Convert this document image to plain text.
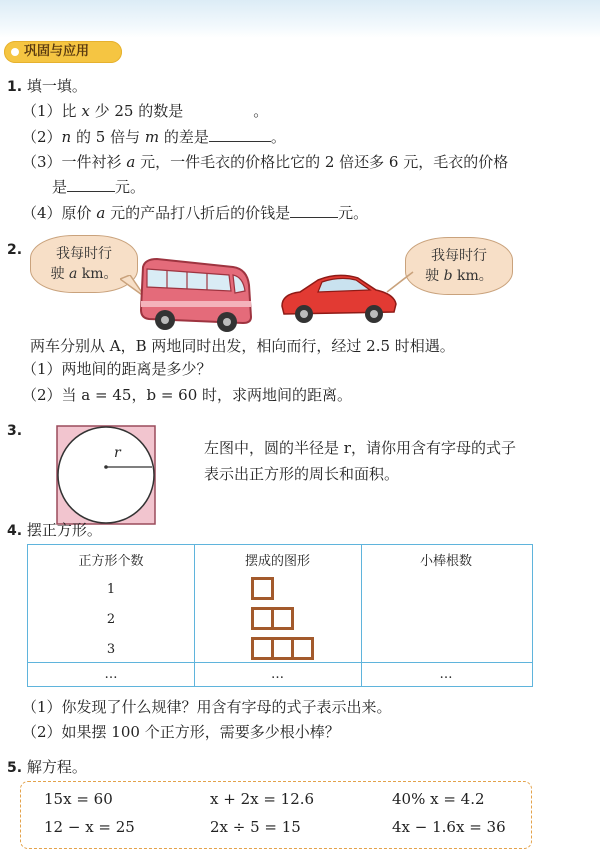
巩固与应用
1. 填一填。
（1）比 x 少 25 的数是	。
（2）n 的 5 倍与 m 的差是	。
（3）一件衬衫 a 元，一件毛衣的价格比它的 2 倍还多 6 元，毛衣的价格
是	元。
（4）原价 a 元的产品打八折后的价钱是	元。
2.	我每时行
驶 a km。
我每时行
驶 b km。
两车分别从 A，B 两地同时出发，相向而行，经过 2.5 时相遇。
（1）两地间的距离是多少？
（2）当 a = 45，b = 60 时，求两地间的距离。
3.
r	左图中，圆的半径是 r，请你用含有字母的式子
表示出正方形的周长和面积。
4. 摆正方形。
正方形个数	摆成的图形	小棒根数
1
2
3
…	…	…
（1）你发现了什么规律？用含有字母的式子表示出来。
（2）如果摆 100 个正方形，需要多少根小棒？
5. 解方程。
15x = 60	x + 2x = 12.6	40% x = 4.2
12 − x = 25	2x ÷ 5 = 15	4x − 1.6x = 36
